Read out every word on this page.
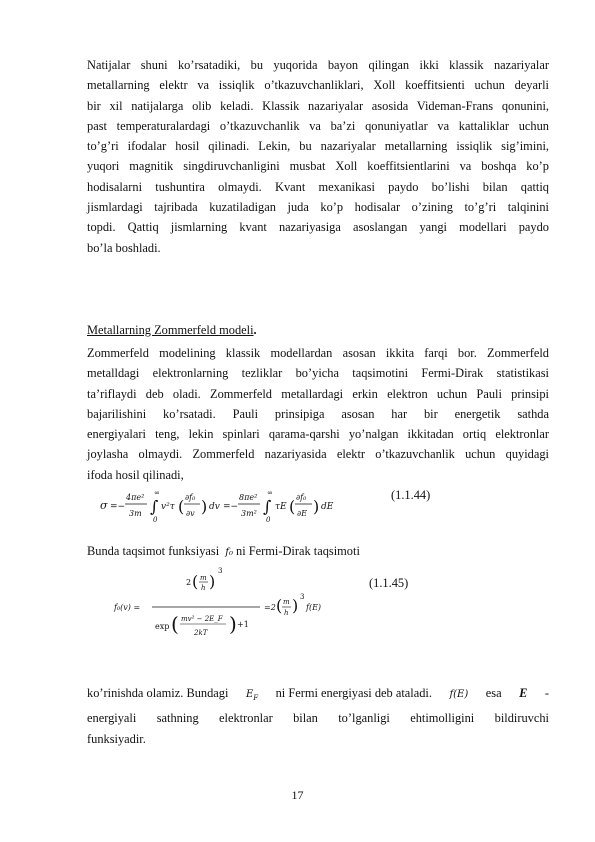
Natijalar shuni ko’rsatadiki, bu yuqorida bayon qilingan ikki klassik nazariyalar
metallarning elektr va issiqlik o’tkazuvchanliklari, Xoll koeffitsienti uchun deyarli
bir xil natijalarga olib keladi. Klassik nazariyalar asosida Videman-Frans qonunini,
past temperaturalardagi o’tkazuvchanlik va ba’zi qonuniyatlar va kattaliklar uchun
to’g’ri ifodalar hosil qilinadi. Lekin, bu nazariyalar metallarning issiqlik sig’imini,
yuqori magnitik singdiruvchanligini musbat Xoll koeffitsientlarini va boshqa ko’p
hodisalarni tushuntira olmaydi. Kvant mexanikasi paydo bo’lishi bilan qattiq
jismlardagi tajribada kuzatiladigan juda ko’p hodisalar o’zining to’g’ri talqinini
topdi. Qattiq jismlarning kvant nazariyasiga asoslangan yangi modellari paydo
bo’la boshladi.
Metallarning Zommerfeld modeli.
Zommerfeld modelining klassik modellardan asosan ikkita farqi bor. Zommerfeld
metalldagi elektronlarning tezliklar bo’yicha taqsimotini Fermi-Dirak statistikasi
ta’riflaydi deb oladi. Zommerfeld metallardagi erkin elektron uchun Pauli prinsipi
bajarilishini ko’rsatadi. Pauli prinsipiga asosan har bir energetik sathda
energiyalari teng, lekin spinlari qarama-qarshi yo’nalgan ikkitadan ortiq elektronlar
joylasha olmaydi. Zommerfeld nazariyasida elektr o’tkazuvchanlik uchun quyidagi
ifoda hosil qilinadi,
σ =−
4πe²
3m ∫
∞
0
v²τ ( ∂f₀
∂v ) dv =−
8πe²
3m² ∫
∞
0
τE ( ∂f₀
∂E ) dE
(1.1.44)
Bunda taqsimot funksiyasi f₀ ni Fermi-Dirak taqsimoti
f₀(v) =
2 ( m
h )
3
exp ( mv² − 2E_F
2kT ) +1
=2 ( m
h ) 3
f(E)
(1.1.45)
ko’rinishda olamiz. Bundagi $E_F$ ni Fermi energiyasi deb ataladi. f(E) esa E -
energiyali sathning elektronlar bilan to’lganligi ehtimolligini bildiruvchi
funksiyadir.
17
